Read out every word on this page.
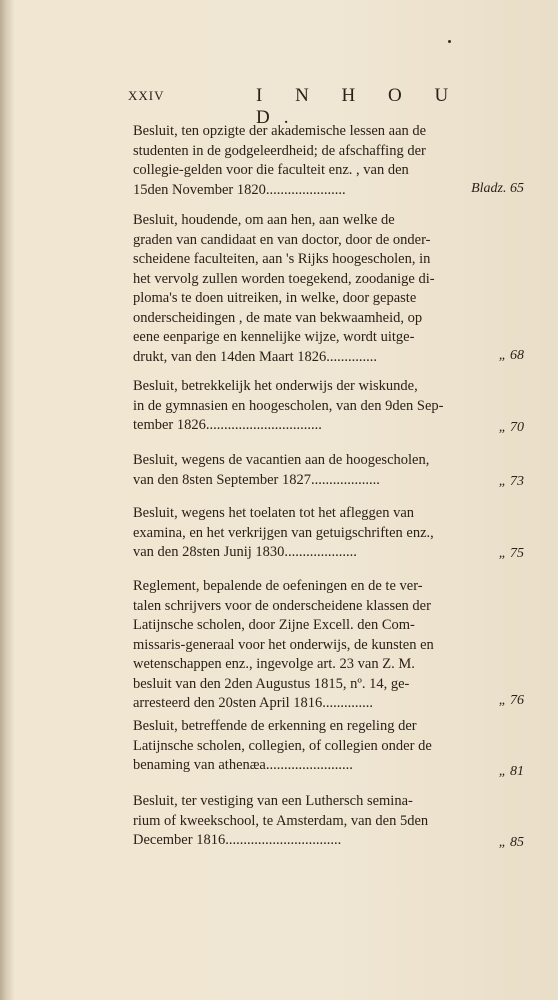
XXIV	I N H O U D.
Besluit, ten opzigte der akademische lessen aan de
studenten in de godgeleerdheid; de afschaffing der
collegie-gelden voor die faculteit enz. , van den
15den November 1820......................	Bladz. 65
Besluit, houdende, om aan hen, aan welke de
graden van candidaat en van doctor, door de onder-
scheidene faculteiten, aan 's Rijks hoogescholen, in
het vervolg zullen worden toegekend, zoodanige di-
ploma's te doen uitreiken, in welke, door gepaste
onderscheidingen , de mate van bekwaamheid, op
eene eenparige en kennelijke wijze, wordt uitge-
drukt, van den 14den Maart 1826..............	„ 68
Besluit, betrekkelijk het onderwijs der wiskunde,
in de gymnasien en hoogescholen, van den 9den Sep-
tember 1826................................	„ 70
Besluit, wegens de vacantien aan de hoogescholen,
van den 8sten September 1827...................	„ 73
Besluit, wegens het toelaten tot het afleggen van
examina, en het verkrijgen van getuigschriften enz.,
van den 28sten Junij 1830....................	„ 75
Reglement, bepalende de oefeningen en de te ver-
talen schrijvers voor de onderscheidene klassen der
Latijnsche scholen, door Zijne Excell. den Com-
missaris-generaal voor het onderwijs, de kunsten en
wetenschappen enz., ingevolge art. 23 van Z. M.
besluit van den 2den Augustus 1815, nº. 14, ge-
arresteerd den 20sten April 1816..............	„ 76
Besluit, betreffende de erkenning en regeling der
Latijnsche scholen, collegien, of collegien onder de
benaming van athenæa........................	„ 81
Besluit, ter vestiging van een Luthersch semina-
rium of kweekschool, te Amsterdam, van den 5den
December 1816................................	„ 85
